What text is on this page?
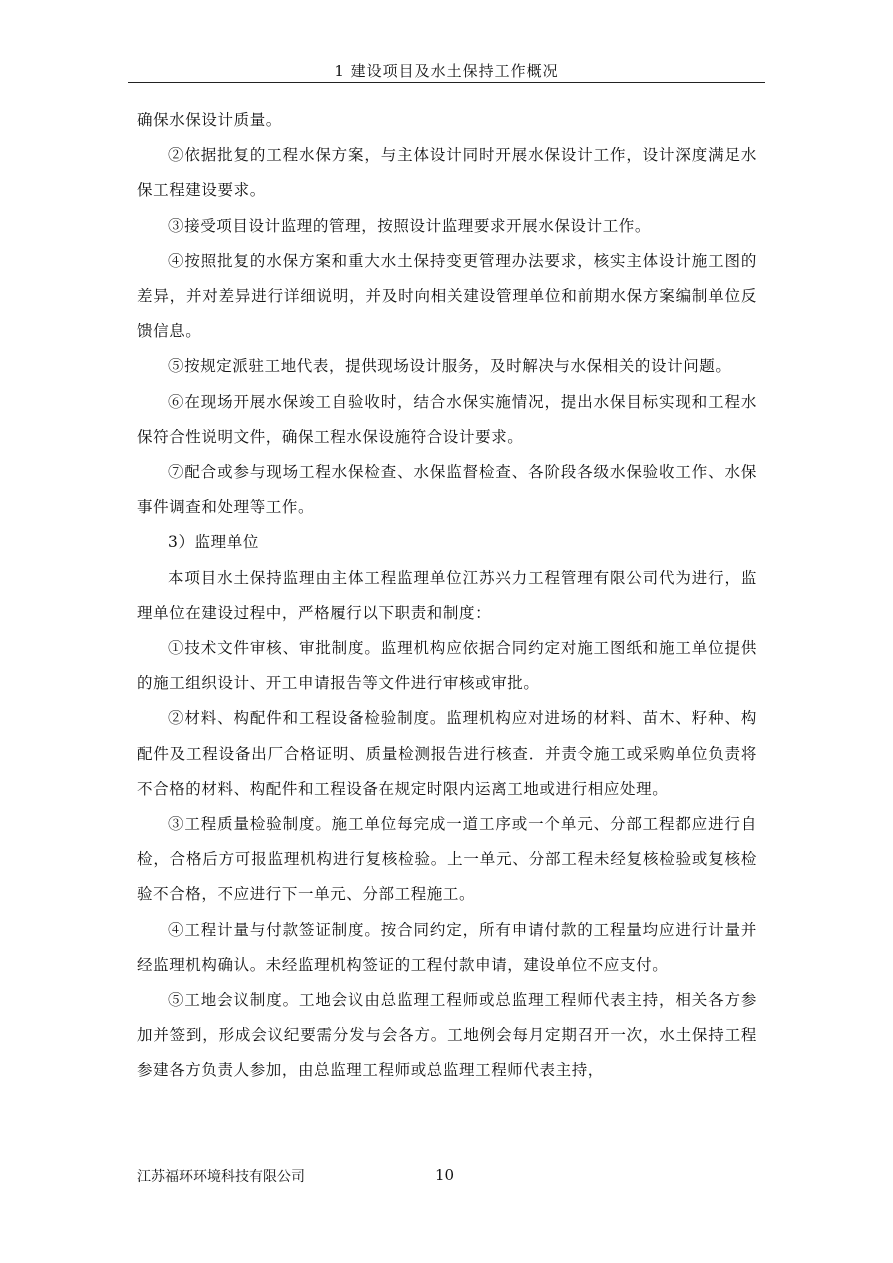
1 建设项目及水土保持工作概况

确保水保设计质量。

②依据批复的工程水保方案，与主体设计同时开展水保设计工作，设计深度满足水保工程建设要求。

③接受项目设计监理的管理，按照设计监理要求开展水保设计工作。

④按照批复的水保方案和重大水土保持变更管理办法要求，核实主体设计施工图的差异，并对差异进行详细说明，并及时向相关建设管理单位和前期水保方案编制单位反馈信息。

⑤按规定派驻工地代表，提供现场设计服务，及时解决与水保相关的设计问题。

⑥在现场开展水保竣工自验收时，结合水保实施情况，提出水保目标实现和工程水保符合性说明文件，确保工程水保设施符合设计要求。

⑦配合或参与现场工程水保检查、水保监督检查、各阶段各级水保验收工作、水保事件调查和处理等工作。

3）监理单位

本项目水土保持监理由主体工程监理单位江苏兴力工程管理有限公司代为进行，监理单位在建设过程中，严格履行以下职责和制度：

①技术文件审核、审批制度。监理机构应依据合同约定对施工图纸和施工单位提供的施工组织设计、开工申请报告等文件进行审核或审批。

②材料、构配件和工程设备检验制度。监理机构应对进场的材料、苗木、籽种、构配件及工程设备出厂合格证明、质量检测报告进行核查．并责令施工或采购单位负责将不合格的材料、构配件和工程设备在规定时限内运离工地或进行相应处理。

③工程质量检验制度。施工单位每完成一道工序或一个单元、分部工程都应进行自检，合格后方可报监理机构进行复核检验。上一单元、分部工程未经复核检验或复核检验不合格，不应进行下一单元、分部工程施工。

④工程计量与付款签证制度。按合同约定，所有申请付款的工程量均应进行计量并经监理机构确认。未经监理机构签证的工程付款申请，建设单位不应支付。

⑤工地会议制度。工地会议由总监理工程师或总监理工程师代表主持，相关各方参加并签到，形成会议纪要需分发与会各方。工地例会每月定期召开一次，水土保持工程参建各方负责人参加，由总监理工程师或总监理工程师代表主持，

江苏福环环境科技有限公司	10
